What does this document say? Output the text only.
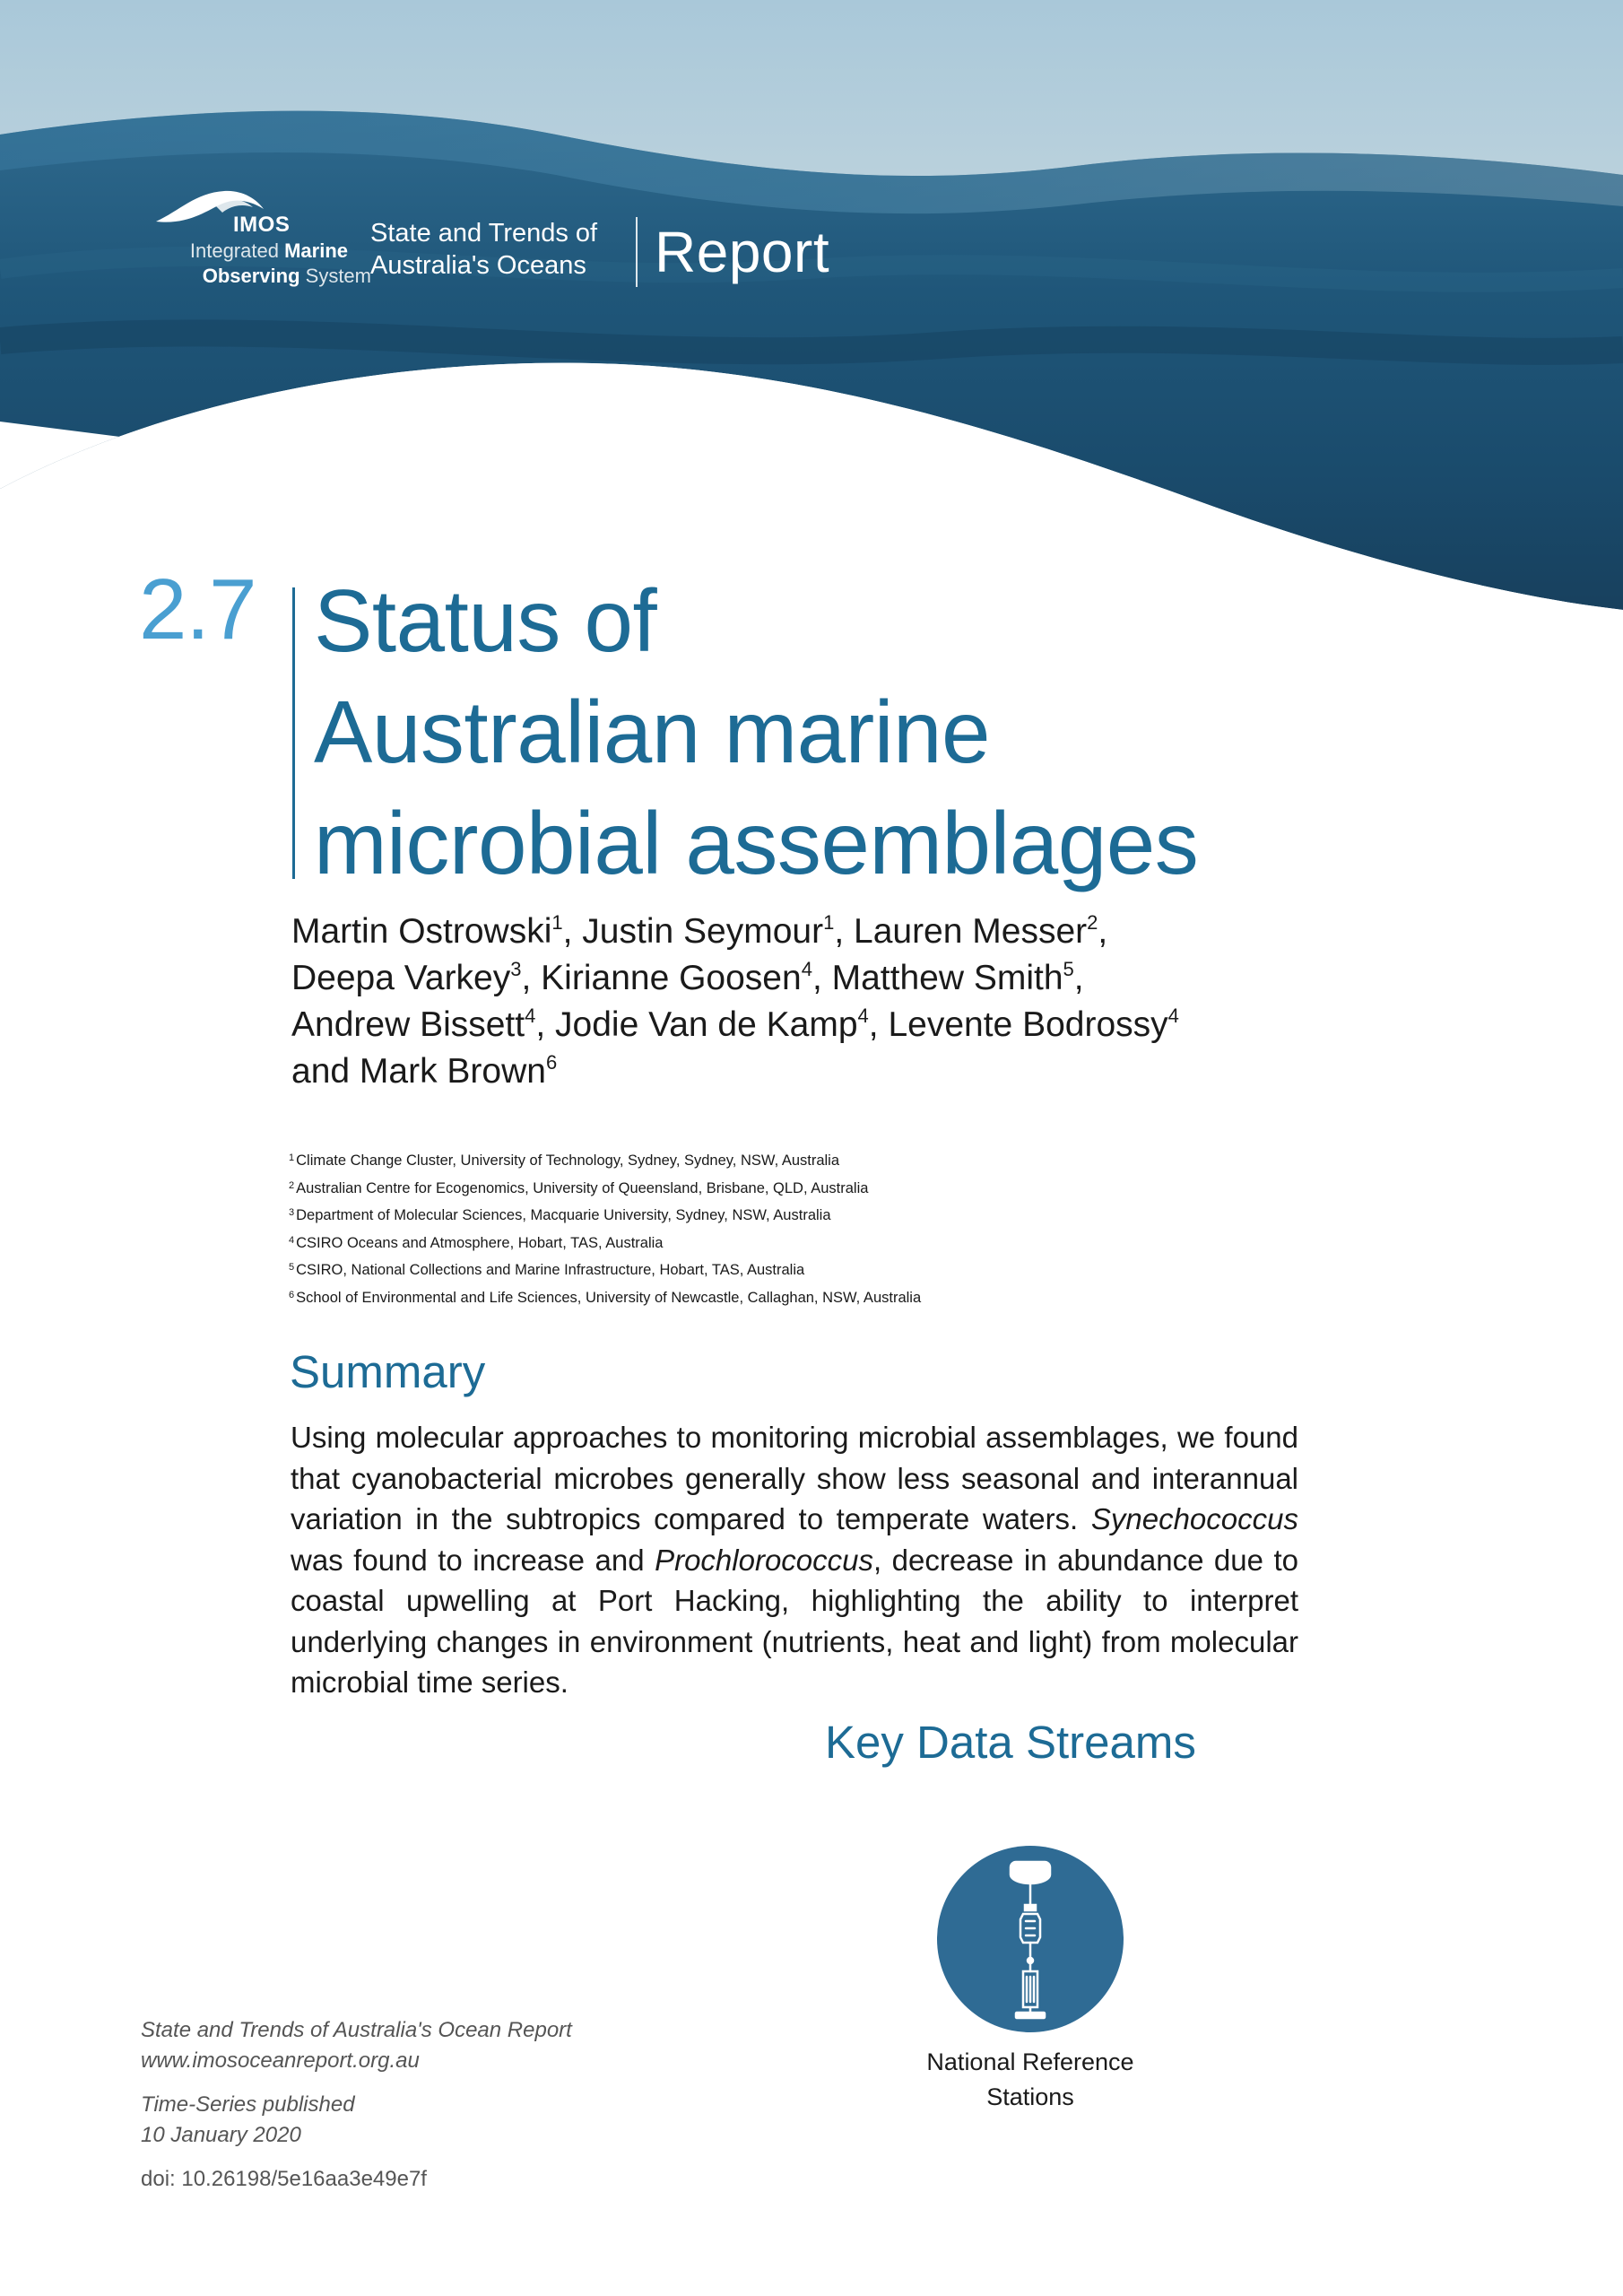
IMOS
Integrated Marine
Observing System
State and Trends of
Australia's Oceans Report
2.7 Status of
Australian marine
microbial assemblages
Martin Ostrowski$^1$, Justin Seymour$^1$, Lauren Messer$^2$,
Deepa Varkey$^3$, Kirianne Goosen$^4$, Matthew Smith$^5$,
Andrew Bissett$^4$, Jodie Van de Kamp$^4$, Levente Bodrossy$^4$
and Mark Brown$^6$
$^1$ Climate Change Cluster, University of Technology, Sydney, Sydney, NSW, Australia
$^2$ Australian Centre for Ecogenomics, University of Queensland, Brisbane, QLD, Australia
$^3$ Department of Molecular Sciences, Macquarie University, Sydney, NSW, Australia
$^4$ CSIRO Oceans and Atmosphere, Hobart, TAS, Australia
$^5$ CSIRO, National Collections and Marine Infrastructure, Hobart, TAS, Australia
$^6$ School of Environmental and Life Sciences, University of Newcastle, Callaghan, NSW, Australia
Summary

Using molecular approaches to monitoring microbial assemblages, we found that cyanobacterial microbes generally show less seasonal and interannual variation in the subtropics compared to temperate waters. Synechococcus was found to increase and Prochlorococcus, decrease in abundance due to coastal upwelling at Port Hacking, highlighting the ability to interpret underlying changes in environment (nutrients, heat and light) from molecular microbial time series.

Key Data Streams
National Reference
Stations
State and Trends of Australia's Ocean Report
www.imosoceanreport.org.au
Time-Series published
10 January 2020
doi: 10.26198/5e16aa3e49e7f
